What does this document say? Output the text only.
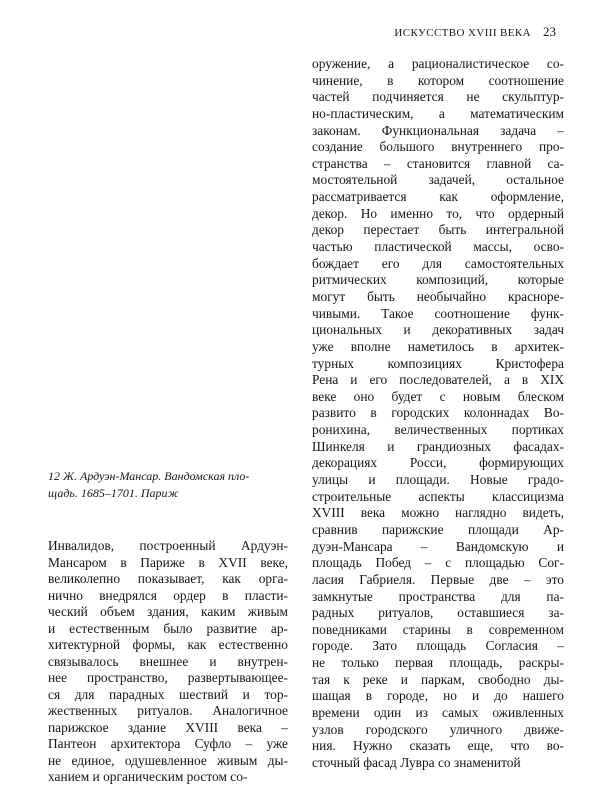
ИСКУССТВО XVIII ВЕКА 23
12 Ж. Ардуэн-Мансар. Вандомская пло-
щадь. 1685–1701. Париж
оружение, а рационалистическое со-
чинение, в котором соотношение
частей подчиняется не скульптур-
но-пластическим, а математическим
законам. Функциональная задача –
создание большого внутреннего про-
странства – становится главной са-
мостоятельной задачей, остальное
рассматривается как оформление,
декор. Но именно то, что ордерный
декор перестает быть интегральной
частью пластической массы, осво-
бождает его для самостоятельных
ритмических композиций, которые
могут быть необычайно красноре-
чивыми. Такое соотношение функ-
циональных и декоративных задач
уже вполне наметилось в архитек-
турных композициях Кристофера
Рена и его последователей, а в XIX
веке оно будет с новым блеском
развито в городских колоннадах Во-
ронихина, величественных портиках
Шинкеля и грандиозных фасадах-
декорациях Росси, формирующих
улицы и площади. Новые градо-
строительные аспекты классицизма
XVIII века можно наглядно видеть,
сравнив парижские площади Ар-
дуэн-Мансара – Вандомскую и
площадь Побед – с площадью Сог-
ласия Габриеля. Первые две – это
замкнутые пространства для па-
радных ритуалов, оставшиеся за-
поведниками старины в современном
городе. Зато площадь Согласия –
не только первая площадь, раскры-
тая к реке и паркам, свободно ды-
шащая в городе, но и до нашего
времени один из самых оживленных
узлов городского уличного движе-
ния. Нужно сказать еще, что во-
сточный фасад Лувра со знаменитой
Инвалидов, построенный Ардуэн-
Мансаром в Париже в XVII веке,
великолепно показывает, как орга-
нично внедрялся ордер в пласти-
ческий объем здания, каким живым
и естественным было развитие ар-
хитектурной формы, как естественно
связывалось внешнее и внутрен-
нее пространство, развертывающее-
ся для парадных шествий и тор-
жественных ритуалов. Аналогичное
парижское здание XVIII века –
Пантеон архитектора Суфло – уже
не единое, одушевленное живым ды-
ханием и органическим ростом со-
